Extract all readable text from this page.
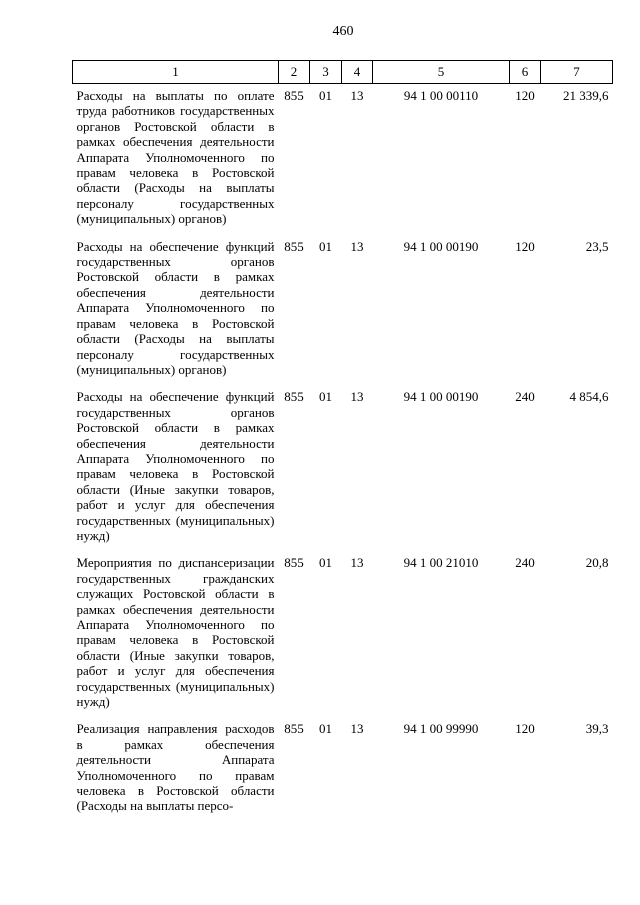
460
1	2	3	4	5	6	7
Расходы на выплаты по оплате труда работников государственных органов Ростовской области в рамках обеспечения деятельности Аппарата Уполномоченного по правам человека в Ростовской области (Расходы на выплаты персоналу государственных (муниципальных) органов)	855	01	13	94 1 00 00110	120	21 339,6
Расходы на обеспечение функций государственных органов Ростовской области в рамках обеспечения деятельности Аппарата Уполномоченного по правам человека в Ростовской области (Расходы на выплаты персоналу государственных (муниципальных) органов)	855	01	13	94 1 00 00190	120	23,5
Расходы на обеспечение функций государственных органов Ростовской области в рамках обеспечения деятельности Аппарата Уполномоченного по правам человека в Ростовской области (Иные закупки товаров, работ и услуг для обеспечения государственных (муниципальных) нужд)	855	01	13	94 1 00 00190	240	4 854,6
Мероприятия по диспансеризации государственных гражданских служащих Ростовской области в рамках обеспечения деятельности Аппарата Уполномоченного по правам человека в Ростовской области (Иные закупки товаров, работ и услуг для обеспечения государственных (муниципальных) нужд)	855	01	13	94 1 00 21010	240	20,8
Реализация направления расходов в рамках обеспечения деятельности Аппарата Уполномоченного по правам человека в Ростовской области (Расходы на выплаты персо-	855	01	13	94 1 00 99990	120	39,3
